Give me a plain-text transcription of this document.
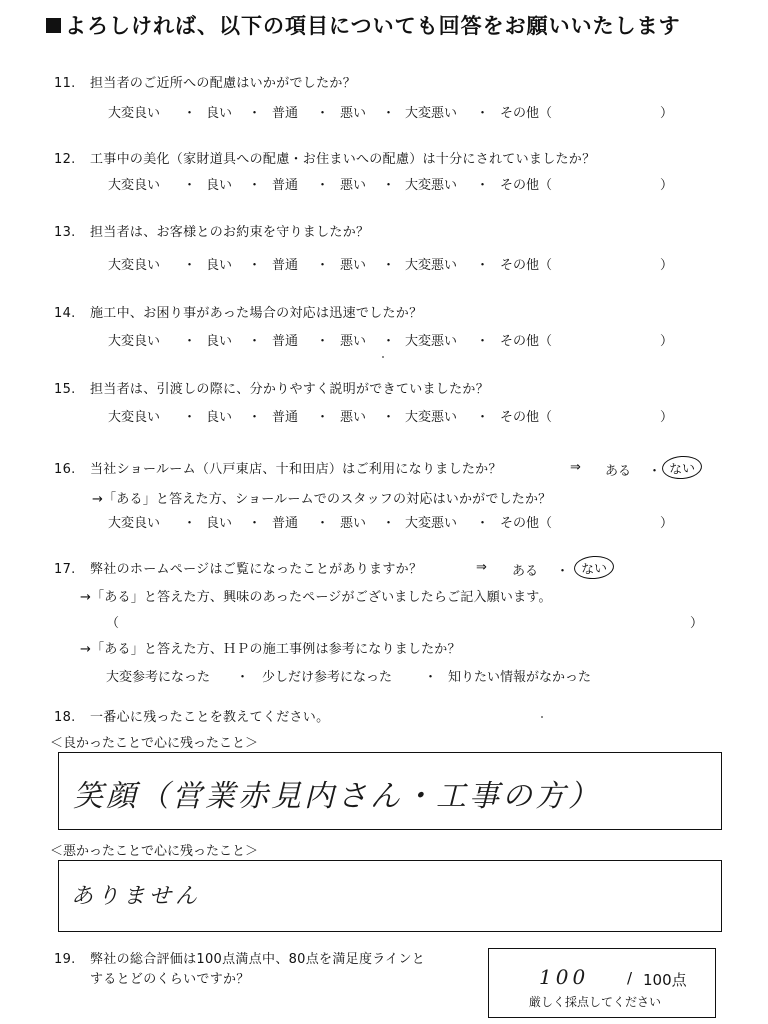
よろしければ、以下の項目についても回答をお願いいたします
11. 担当者のご近所への配慮はいかがでしたか？
大変良い ・ 良い ・ 普通 ・ 悪い ・ 大変悪い ・ その他（	）
12. 工事中の美化（家財道具への配慮・お住まいへの配慮）は十分にされていましたか？
大変良い ・ 良い ・ 普通 ・ 悪い ・ 大変悪い ・ その他（	）
13. 担当者は、お客様とのお約束を守りましたか？
大変良い ・ 良い ・ 普通 ・ 悪い ・ 大変悪い ・ その他（	）
14. 施工中、お困り事があった場合の対応は迅速でしたか？
大変良い ・ 良い ・ 普通 ・ 悪い ・ 大変悪い ・ その他（	）
15. 担当者は、引渡しの際に、分かりやすく説明ができていましたか？
大変良い ・ 良い ・ 普通 ・ 悪い ・ 大変悪い ・ その他（	）
16. 当社ショールーム（八戸東店、十和田店）はご利用になりましたか？	⇒ ある ・ ない
→「ある」と答えた方、ショールームでのスタッフの対応はいかがでしたか？
大変良い ・ 良い ・ 普通 ・ 悪い ・ 大変悪い ・ その他（	）
17. 弊社のホームページはご覧になったことがありますか？	⇒ ある ・ ない
→「ある」と答えた方、興味のあったページがございましたらご記入願います。
（	）
→「ある」と答えた方、ＨＰの施工事例は参考になりましたか？
大変参考になった ・ 少しだけ参考になった ・ 知りたい情報がなかった
18. 一番心に残ったことを教えてください。
＜良かったことで心に残ったこと＞
笑顔（営業赤見内さん・工事の方）
＜悪かったことで心に残ったこと＞
ありません
19. 弊社の総合評価は100点満点中、80点を満足度ラインと
するとどのくらいですか？	100	/ 100点
厳しく採点してください
